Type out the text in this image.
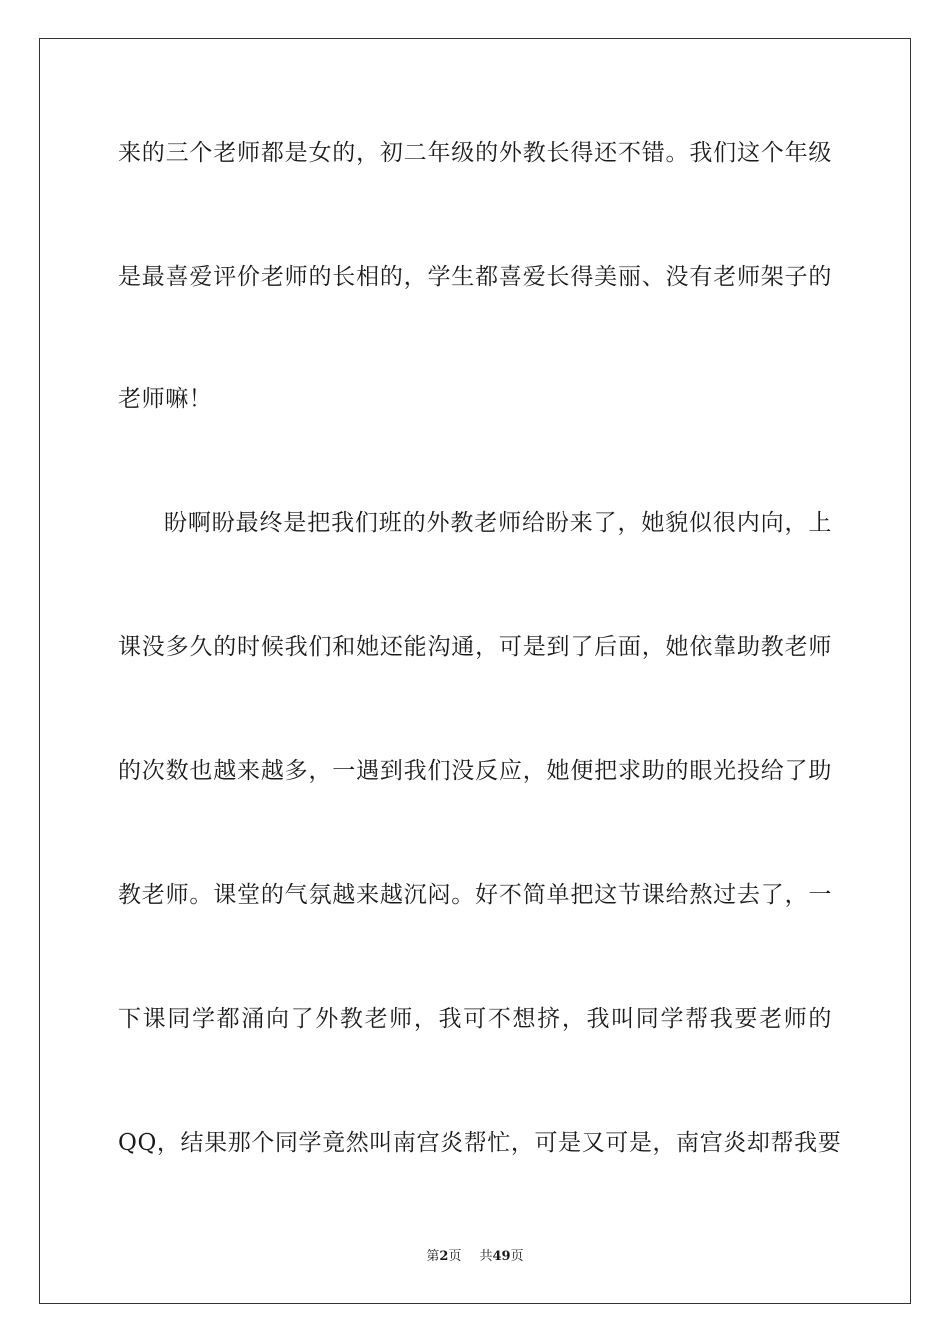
来的三个老师都是女的，初二年级的外教长得还不错。我们这个年级
是最喜爱评价老师的长相的，学生都喜爱长得美丽、没有老师架子的
老师嘛！
盼啊盼最终是把我们班的外教老师给盼来了，她貌似很内向，上
课没多久的时候我们和她还能沟通，可是到了后面，她依靠助教老师
的次数也越来越多，一遇到我们没反应，她便把求助的眼光投给了助
教老师。课堂的气氛越来越沉闷。好不简单把这节课给熬过去了，一
下课同学都涌向了外教老师，我可不想挤，我叫同学帮我要老师的
QQ，结果那个同学竟然叫南宫炎帮忙，可是又可是，南宫炎却帮我要
第2页 共49页
